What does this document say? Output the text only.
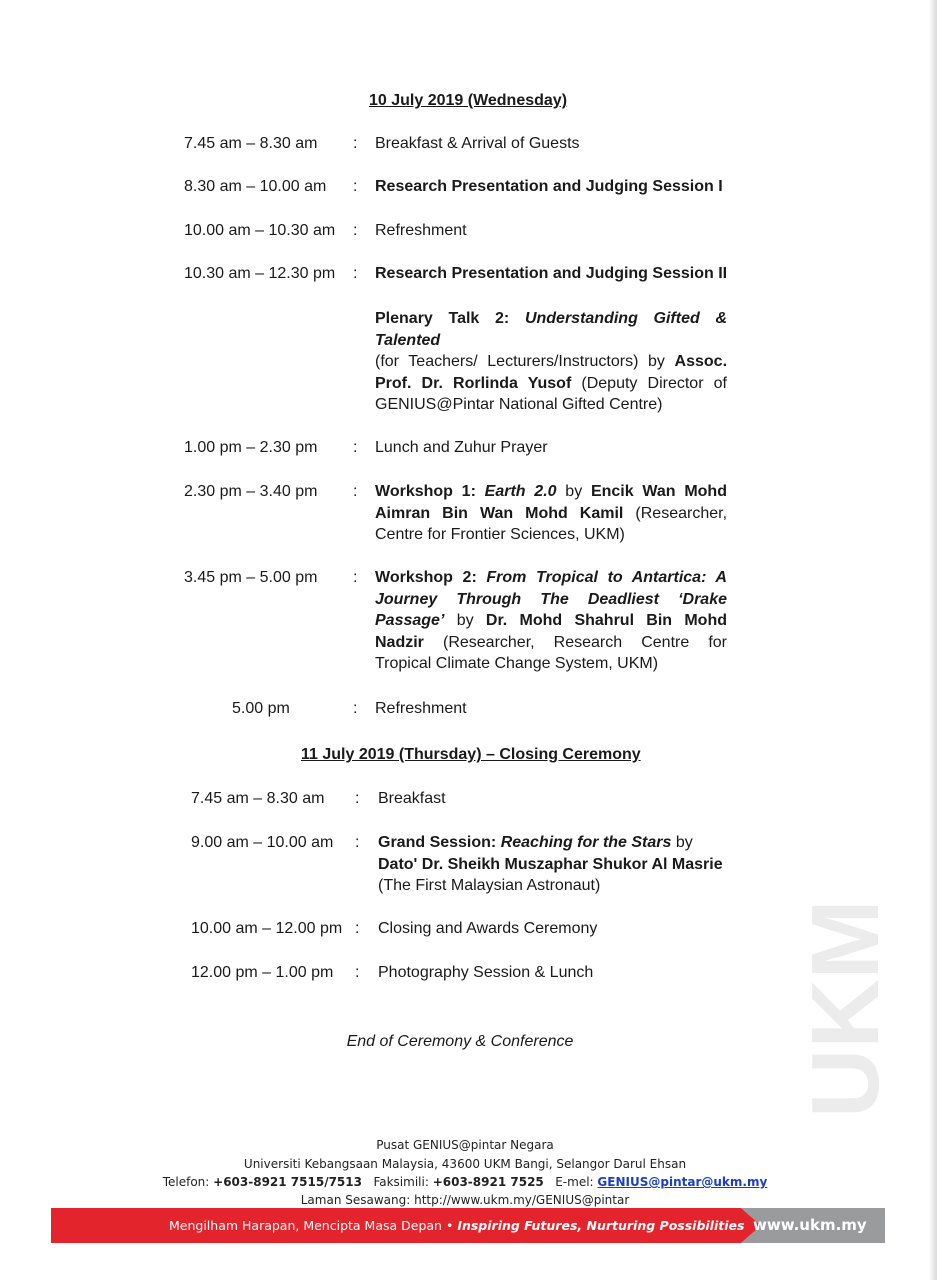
10 July 2019 (Wednesday)
7.45 am – 8.30 am : Breakfast & Arrival of Guests
8.30 am – 10.00 am : Research Presentation and Judging Session I
10.00 am – 10.30 am : Refreshment
10.30 am – 12.30 pm : Research Presentation and Judging Session II
Plenary Talk 2: Understanding Gifted & Talented
(for Teachers/ Lecturers/Instructors) by Assoc. Prof. Dr. Rorlinda Yusof (Deputy Director of GENIUS@Pintar National Gifted Centre)
1.00 pm – 2.30 pm : Lunch and Zuhur Prayer
2.30 pm – 3.40 pm : Workshop 1: Earth 2.0 by Encik Wan Mohd Aimran Bin Wan Mohd Kamil (Researcher, Centre for Frontier Sciences, UKM)
3.45 pm – 5.00 pm : Workshop 2: From Tropical to Antartica: A Journey Through The Deadliest ‘Drake Passage’ by Dr. Mohd Shahrul Bin Mohd Nadzir (Researcher, Research Centre for Tropical Climate Change System, UKM)
5.00 pm	: Refreshment
11 July 2019 (Thursday) – Closing Ceremony
7.45 am – 8.30 am : Breakfast
9.00 am – 10.00 am : Grand Session: Reaching for the Stars by
Dato' Dr. Sheikh Muszaphar Shukor Al Masrie
(The First Malaysian Astronaut)
10.00 am – 12.00 pm : Closing and Awards Ceremony
12.00 pm – 1.00 pm : Photography Session & Lunch
End of Ceremony & Conference	UKM
Pusat GENIUS@pintar Negara
Universiti Kebangsaan Malaysia, 43600 UKM Bangi, Selangor Darul Ehsan
Telefon: +603-8921 7515/7513 Faksimili: +603-8921 7525 E-mel: GENIUS@pintar@ukm.my
Laman Sesawang: http://www.ukm.my/GENIUS@pintar
Mengilham Harapan, Mencipta Masa Depan • Inspiring Futures, Nurturing Possibilities www.ukm.my
